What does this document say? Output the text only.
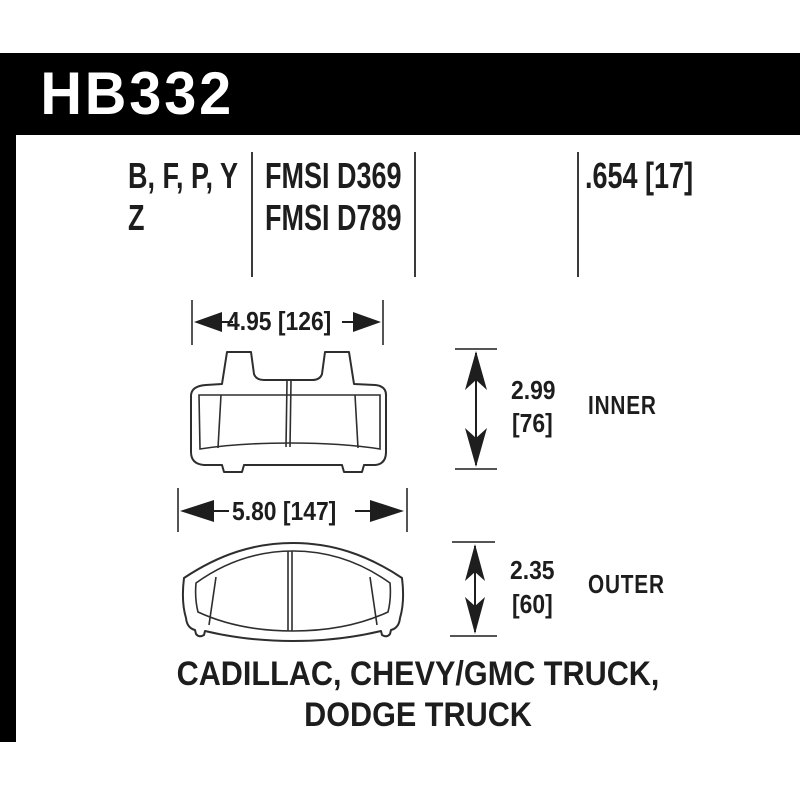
HB332
B, F, P, Y
Z
FMSI D369
FMSI D789
.654 [17]
4.95 [126]
2.99
[76]
INNER
5.80 [147]
2.35
[60]
OUTER
CADILLAC, CHEVY/GMC TRUCK,
DODGE TRUCK
